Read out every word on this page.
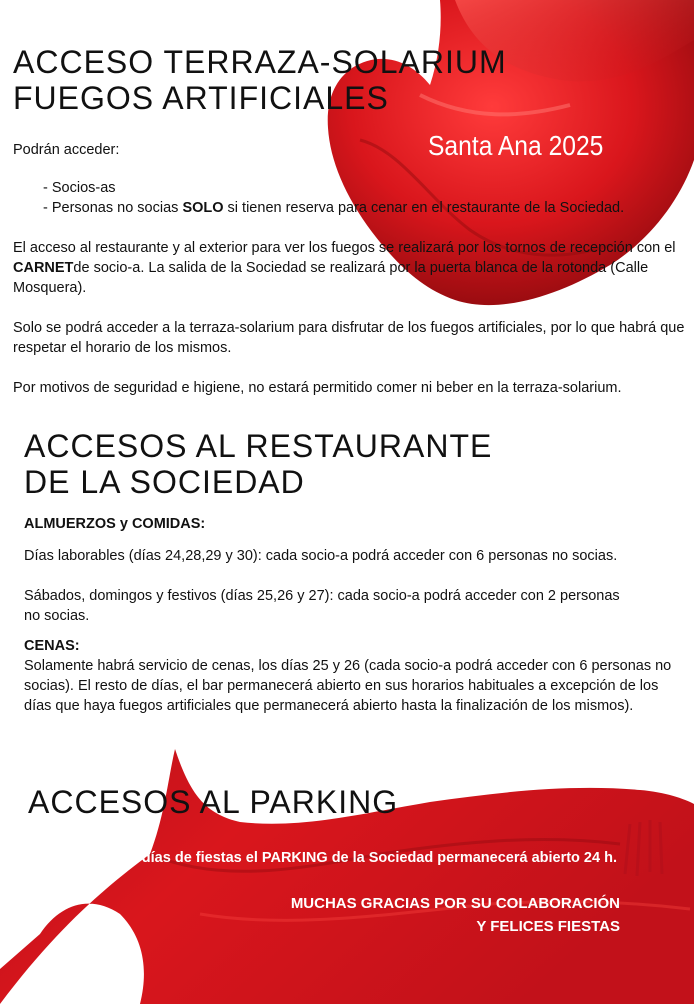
ACCESO TERRAZA-SOLARIUM
FUEGOS ARTIFICIALES
Santa Ana 2025

Podrán acceder:

- Socios-as

- Personas no socias SOLO si tienen reserva para cenar en el restaurante de la Sociedad.

El acceso al restaurante y al exterior para ver los fuegos se realizará por los tornos de recepción con el CARNETde socio-a. La salida de la Sociedad se realizará por la puerta blanca de la rotonda (Calle Mosquera).

Solo se podrá acceder a la terraza-solarium para disfrutar de los fuegos artificiales, por lo que habrá que respetar el horario de los mismos.

Por motivos de seguridad e higiene, no estará permitido comer ni beber en la terraza-solarium.

ACCESOS AL RESTAURANTE
DE LA SOCIEDAD

ALMUERZOS y COMIDAS:

Días laborables (días 24,28,29 y 30): cada socio-a podrá acceder con 6 personas no socias.

Sábados, domingos y festivos (días 25,26 y 27): cada socio-a podrá acceder con 2 personas no socias.

CENAS:

Solamente habrá servicio de cenas, los días 25 y 26 (cada socio-a podrá acceder con 6 personas no socias). El resto de días, el bar permanecerá abierto en sus horarios habituales a excepción de los días que haya fuegos artificiales que permanecerá abierto hasta la finalización de los mismos).

ACCESOS AL PARKING
Durante los días de fiestas el PARKING de la Sociedad permanecerá abierto 24 h.
MUCHAS GRACIAS POR SU COLABORACIÓN
Y FELICES FIESTAS
